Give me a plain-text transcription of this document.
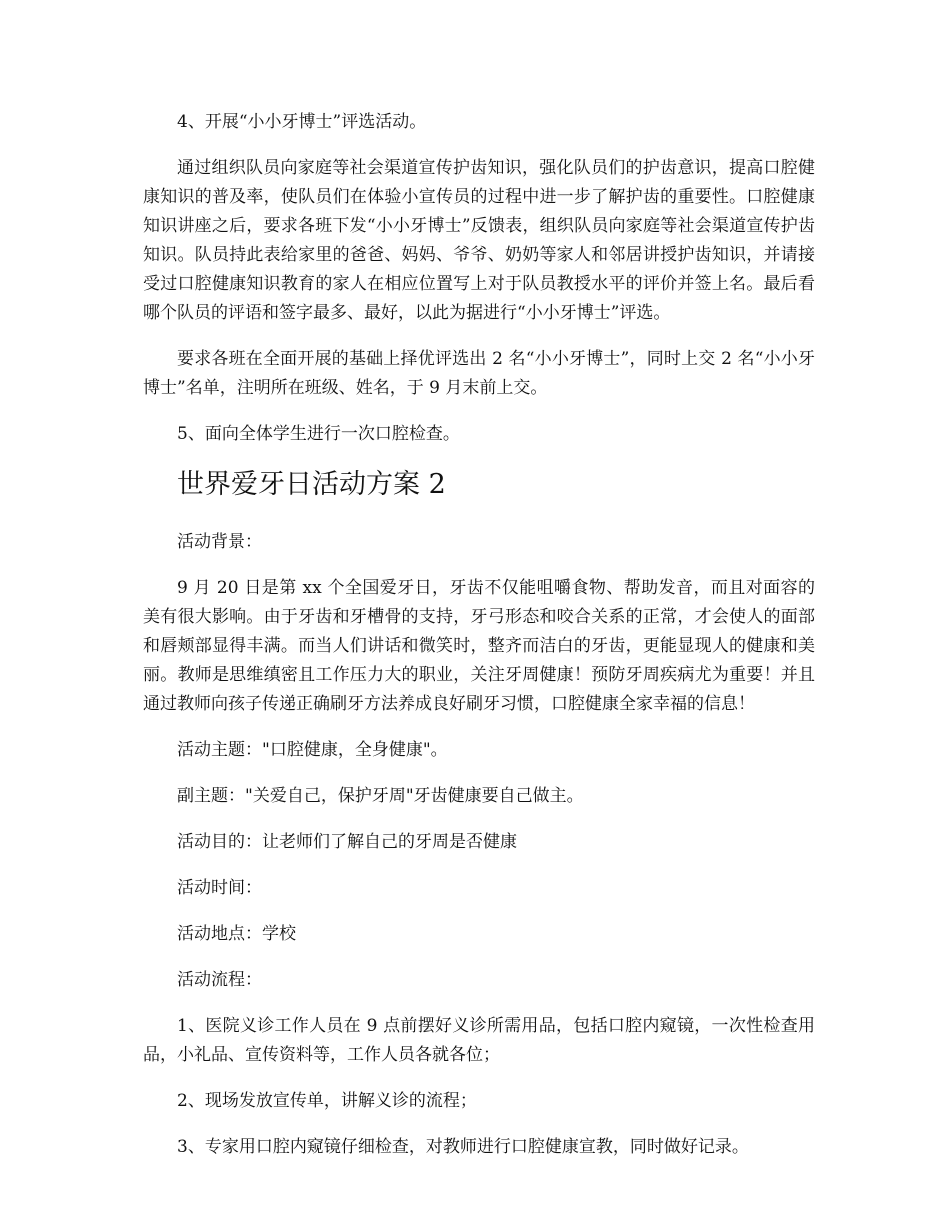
4、开展“小小牙博士”评选活动。

通过组织队员向家庭等社会渠道宣传护齿知识，强化队员们的护齿意识，提高口腔健康知识的普及率，使队员们在体验小宣传员的过程中进一步了解护齿的重要性。口腔健康知识讲座之后，要求各班下发“小小牙博士”反馈表，组织队员向家庭等社会渠道宣传护齿知识。队员持此表给家里的爸爸、妈妈、爷爷、奶奶等家人和邻居讲授护齿知识，并请接受过口腔健康知识教育的家人在相应位置写上对于队员教授水平的评价并签上名。最后看哪个队员的评语和签字最多、最好，以此为据进行“小小牙博士”评选。

要求各班在全面开展的基础上择优评选出 2 名“小小牙博士”，同时上交 2 名“小小牙博士”名单，注明所在班级、姓名，于 9 月末前上交。

5、面向全体学生进行一次口腔检查。

世界爱牙日活动方案 2

活动背景：

9 月 20 日是第 xx 个全国爱牙日，牙齿不仅能咀嚼食物、帮助发音，而且对面容的美有很大影响。由于牙齿和牙槽骨的支持，牙弓形态和咬合关系的正常，才会使人的面部和唇颊部显得丰满。而当人们讲话和微笑时，整齐而洁白的牙齿，更能显现人的健康和美丽。教师是思维缜密且工作压力大的职业，关注牙周健康！预防牙周疾病尤为重要！并且通过教师向孩子传递正确刷牙方法养成良好刷牙习惯，口腔健康全家幸福的信息！

活动主题："口腔健康，全身健康"。

副主题："关爱自己，保护牙周"牙齿健康要自己做主。

活动目的：让老师们了解自己的牙周是否健康

活动时间：

活动地点：学校

活动流程：

1、医院义诊工作人员在 9 点前摆好义诊所需用品，包括口腔内窥镜，一次性检查用品，小礼品、宣传资料等，工作人员各就各位；

2、现场发放宣传单，讲解义诊的流程；

3、专家用口腔内窥镜仔细检查，对教师进行口腔健康宣教，同时做好记录。
